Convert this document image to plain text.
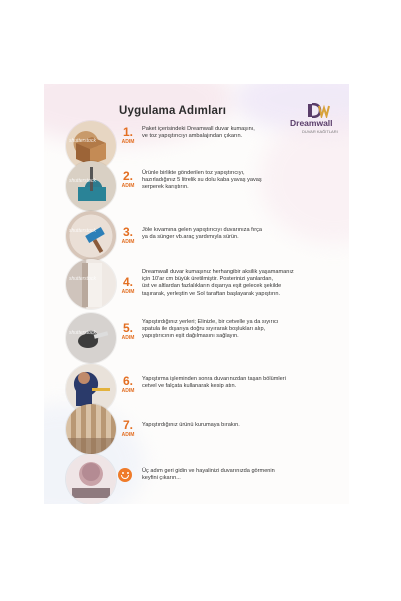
Uygulama Adımları
Dreamwall
DUVAR KAĞITLARI
shutterstock
1.
ADIM
Paket içerisindeki Dreamwall duvar kumaşını,
ve toz yapıştırıcıyı ambalajından çıkarın.
shutterstock	2.
ADIM
Ürünle birlikte gönderilen toz yapıştırıcıyı,
hazırladığınız 5 litrelik su dolu kaba yavaş yavaş
serperek karıştırın.
shutterstock	3.
ADIM
Jöle kıvamına gelen yapıştırıcıyı duvarınıza fırça
ya da sünger vb.araç yardımıyla sürün.
shutterstock	4.
ADIM
Dreamwall duvar kumaşınız herhangibir aksilik yaşamamanız
için 10'ar cm büyük üretilmiştir. Posterinizi yanlardan,
üst ve altlardan fazlalıkların dışarıya eşit gelecek şekilde
taşırarak, yerleştin ve Sol taraftan başlayarak yapıştırın.
shutterstock	5.
ADIM
Yapıştırdığınız yerleri; Elinizle, bir cetvelle ya da sıyırıcı
spatula ile dışarıya doğru sıyırarak boşlukları alıp,
yapıştırıcının eşit dağılmasını sağlayın.
6.
ADIM
Yapıştırma işleminden sonra duvarınızdan taşan bölümleri
cetvel ve falçata kullanarak kesip atın.
7.
ADIM
Yapıştırdığınız ürünü kurumaya bırakın.
Üç adım geri gidin ve hayalinizi duvarınızda görmenin
keyfini çıkarın...
